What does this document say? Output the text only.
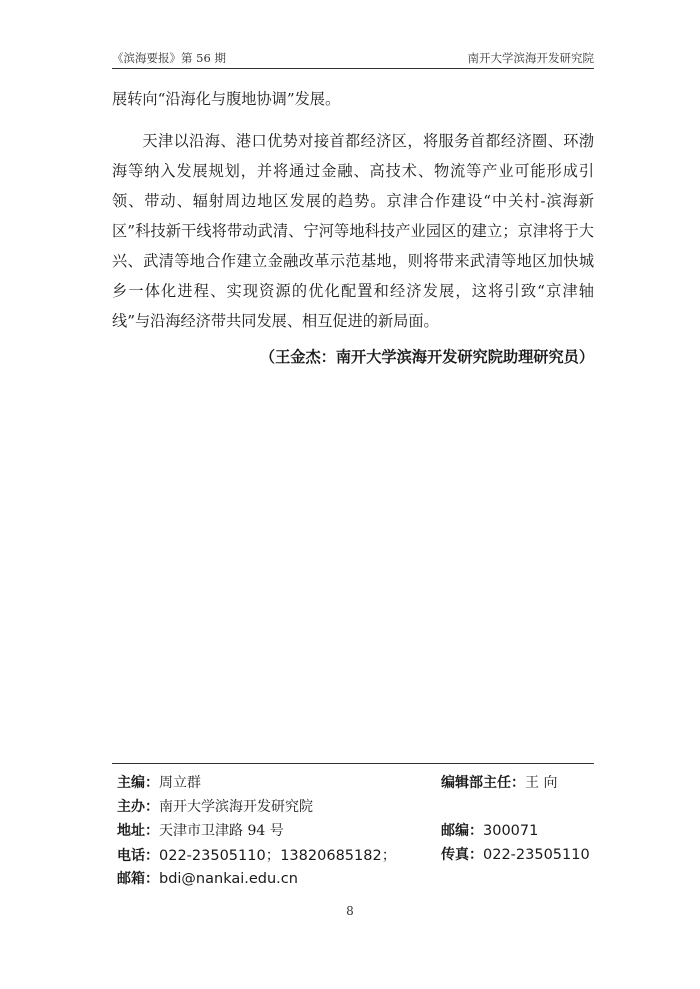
《滨海要报》第 56 期	南开大学滨海开发研究院

展转向“沿海化与腹地协调”发展。

天津以沿海、港口优势对接首都经济区，将服务首都经济圈、环渤海等纳入发展规划，并将通过金融、高技术、物流等产业可能形成引领、带动、辐射周边地区发展的趋势。京津合作建设“中关村-滨海新区”科技新干线将带动武清、宁河等地科技产业园区的建立；京津将于大兴、武清等地合作建立金融改革示范基地，则将带来武清等地区加快城乡一体化进程、实现资源的优化配置和经济发展，这将引致“京津轴线”与沿海经济带共同发展、相互促进的新局面。

（王金杰：南开大学滨海开发研究院助理研究员）
主编：周立群	编辑部主任：王 向
主办：南开大学滨海开发研究院
地址：天津市卫津路 94 号	邮编：300071
电话：022-23505110；13820685182；	传真：022-23505110
邮箱：bdi@nankai.edu.cn
8
